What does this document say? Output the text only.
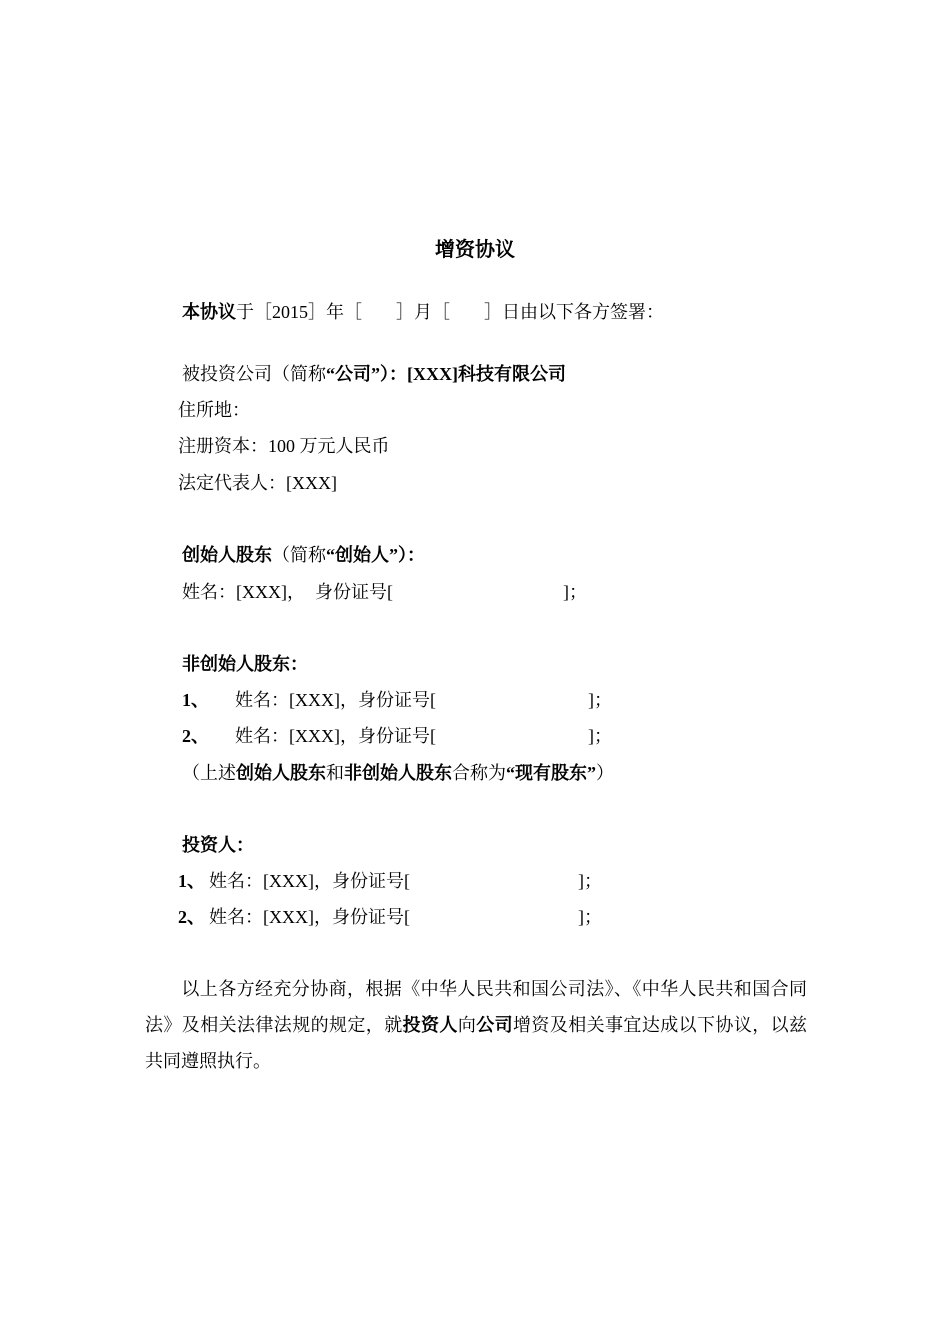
增资协议
本协议于［2015］年［ ］月［ ］日由以下各方签署：
被投资公司（简称“公司”）：[XXX]科技有限公司
住所地：
注册资本：100 万元人民币
法定代表人：[XXX]
创始人股东（简称“创始人”）：
姓名：[XXX]， 身份证号[	]；
非创始人股东：
1、 姓名：[XXX]，身份证号[	]；
2、 姓名：[XXX]，身份证号[	]；
（上述创始人股东和非创始人股东合称为“现有股东”）
投资人：
1、 姓名：[XXX]，身份证号[	]；
2、 姓名：[XXX]，身份证号[	]；
以上各方经充分协商，根据《中华人民共和国公司法》、《中华人民共和国合同法》及相关法律法规的规定，就投资人向公司增资及相关事宜达成以下协议，以兹共同遵照执行。
